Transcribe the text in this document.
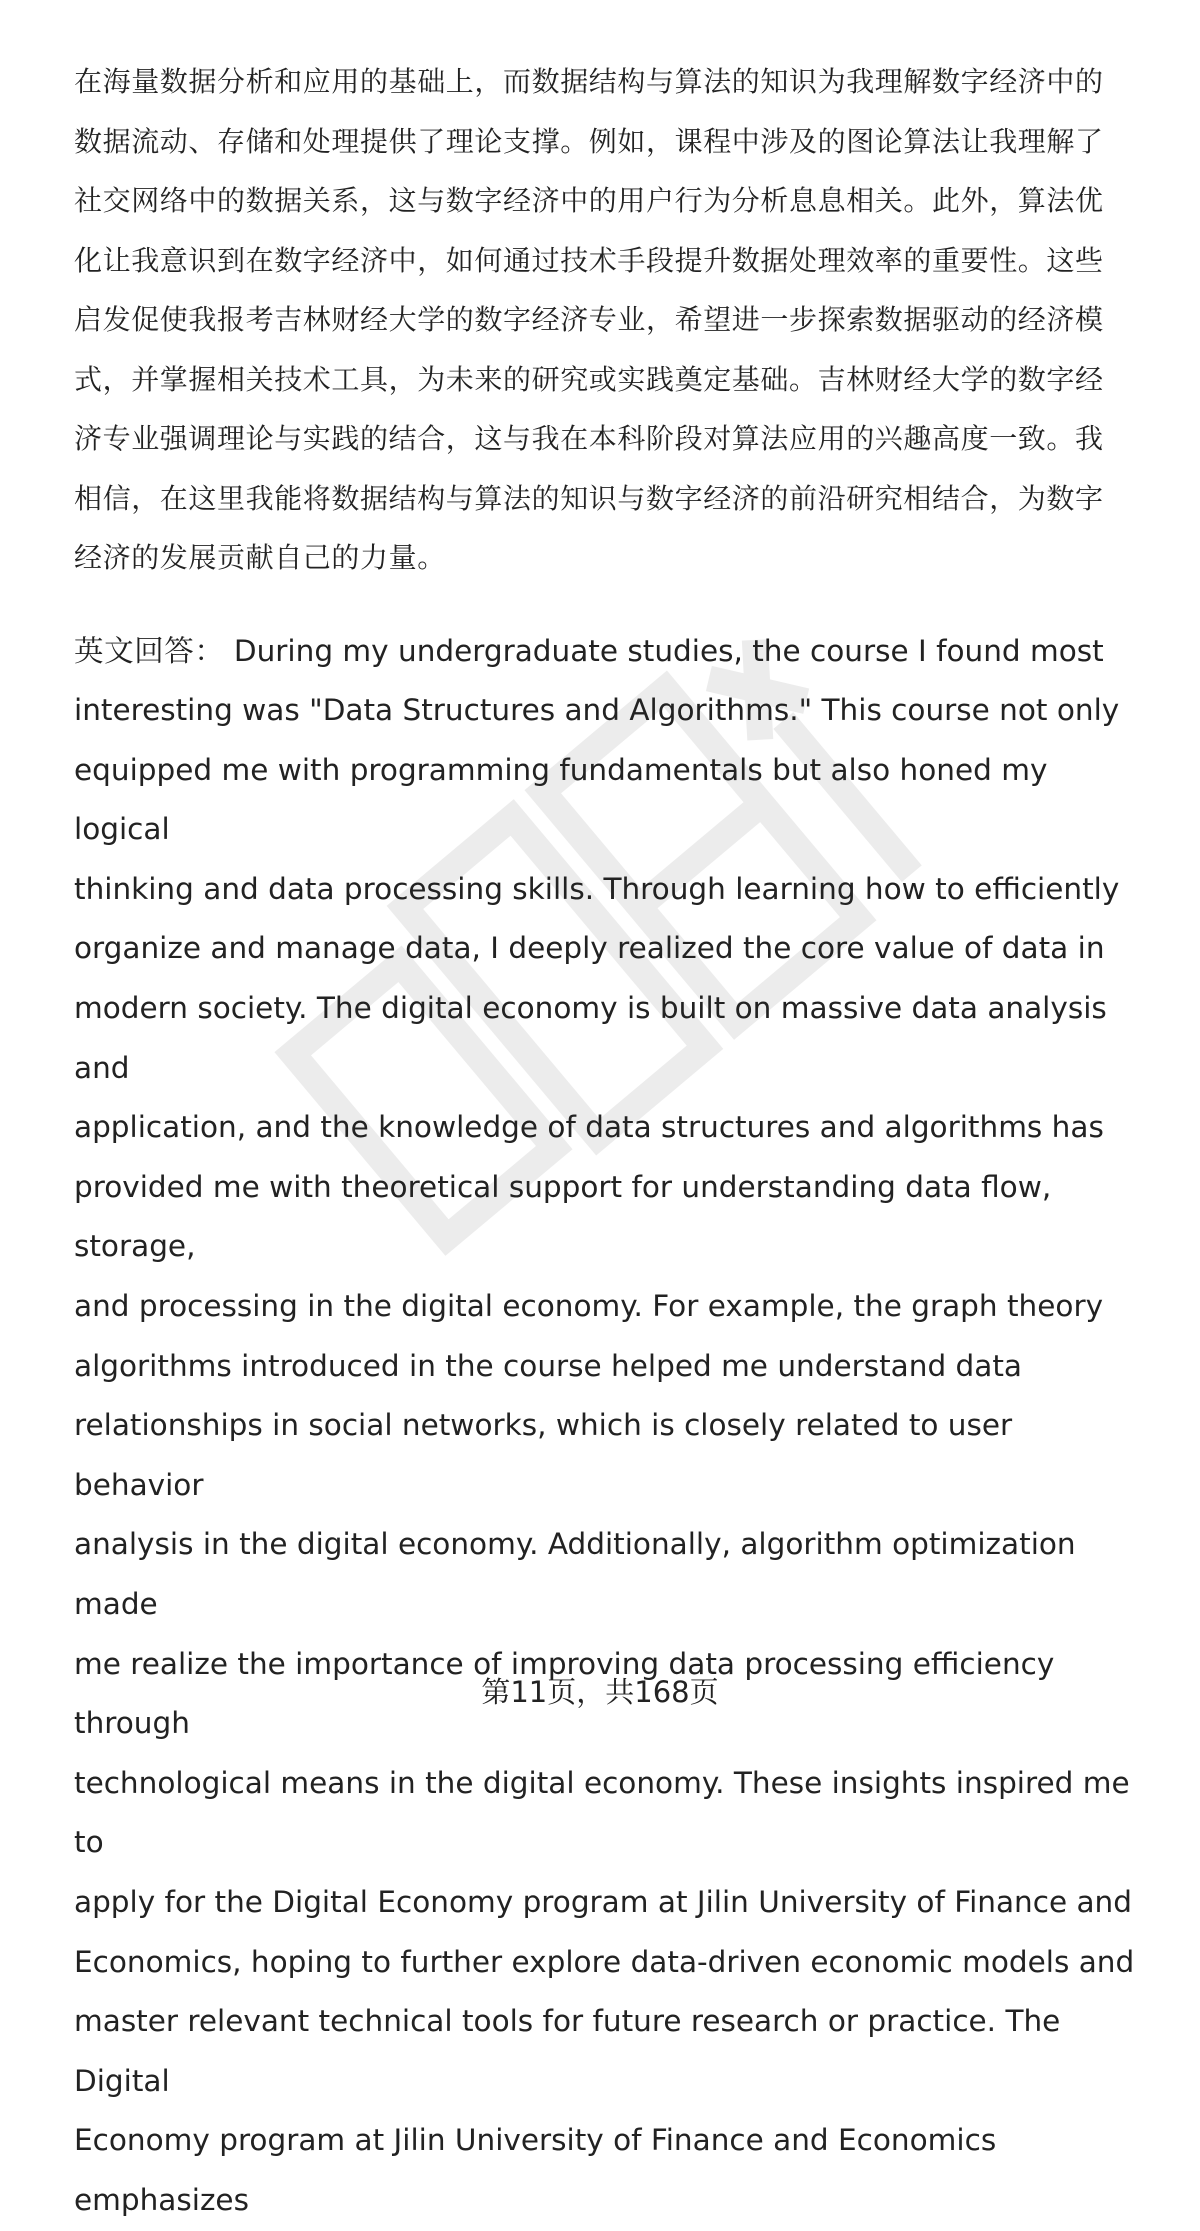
在海量数据分析和应用的基础上，而数据结构与算法的知识为我理解数字经济中的
数据流动、存储和处理提供了理论支撑。例如，课程中涉及的图论算法让我理解了
社交网络中的数据关系，这与数字经济中的用户行为分析息息相关。此外，算法优
化让我意识到在数字经济中，如何通过技术手段提升数据处理效率的重要性。这些
启发促使我报考吉林财经大学的数字经济专业，希望进一步探索数据驱动的经济模
式，并掌握相关技术工具，为未来的研究或实践奠定基础。吉林财经大学的数字经
济专业强调理论与实践的结合，这与我在本科阶段对算法应用的兴趣高度一致。我
相信，在这里我能将数据结构与算法的知识与数字经济的前沿研究相结合，为数字
经济的发展贡献自己的力量。

英文回答： During my undergraduate studies, the course I found most
interesting was "Data Structures and Algorithms." This course not only
equipped me with programming fundamentals but also honed my logical
thinking and data processing skills. Through learning how to efficiently
organize and manage data, I deeply realized the core value of data in
modern society. The digital economy is built on massive data analysis and
application, and the knowledge of data structures and algorithms has
provided me with theoretical support for understanding data flow, storage,
and processing in the digital economy. For example, the graph theory
algorithms introduced in the course helped me understand data
relationships in social networks, which is closely related to user behavior
analysis in the digital economy. Additionally, algorithm optimization made
me realize the importance of improving data processing efficiency through
technological means in the digital economy. These insights inspired me to
apply for the Digital Economy program at Jilin University of Finance and
Economics, hoping to further explore data-driven economic models and
master relevant technical tools for future research or practice. The Digital
Economy program at Jilin University of Finance and Economics emphasizes

第11页，共168页
